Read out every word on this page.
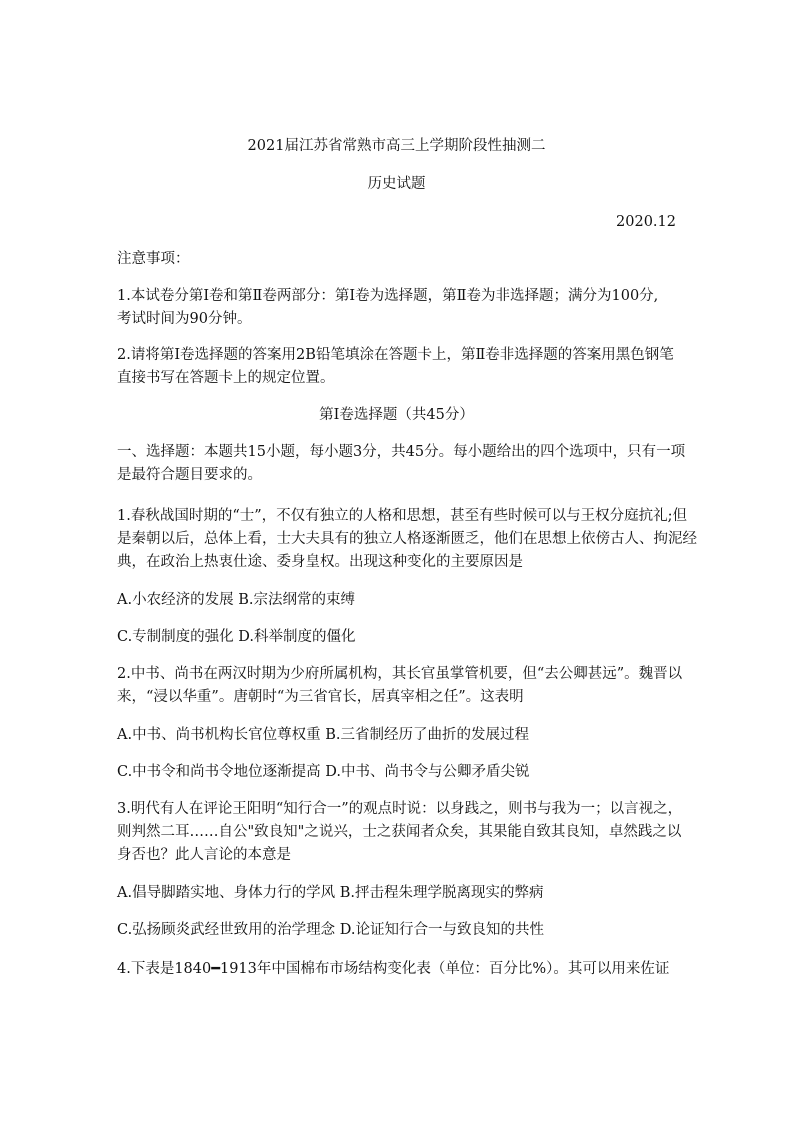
2021届江苏省常熟市高三上学期阶段性抽测二
历史试题
2020.12
注意事项：
1.本试卷分第Ⅰ卷和第Ⅱ卷两部分：第Ⅰ卷为选择题，第Ⅱ卷为非选择题；满分为100分,
考试时间为90分钟。
2.请将第Ⅰ卷选择题的答案用2B铅笔填涂在答题卡上，第Ⅱ卷非选择题的答案用黑色钢笔
直接书写在答题卡上的规定位置。
第Ⅰ卷选择题（共45分）
一、选择题：本题共15小题，每小题3分，共45分。每小题给出的四个选项中，只有一项
是最符合题目要求的。
1.春秋战国时期的“士”，不仅有独立的人格和思想，甚至有些时候可以与王权分庭抗礼;但
是秦朝以后，总体上看，士大夫具有的独立人格逐渐匮乏，他们在思想上依傍古人、拘泥经
典，在政治上热衷仕途、委身皇权。出现这种变化的主要原因是
A.小农经济的发展 B.宗法纲常的束缚
C.专制制度的强化 D.科举制度的僵化
2.中书、尚书在两汉时期为少府所属机构，其长官虽掌管机要，但“去公卿甚远”。魏晋以
来，“浸以华重”。唐朝时“为三省官长，居真宰相之任”。这表明
A.中书、尚书机构长官位尊权重 B.三省制经历了曲折的发展过程
C.中书令和尚书令地位逐渐提高 D.中书、尚书令与公卿矛盾尖锐
3.明代有人在评论王阳明“知行合一”的观点时说：以身践之，则书与我为一；以言视之，
则判然二耳……自公"致良知"之说兴，士之获闻者众矣，其果能自致其良知，卓然践之以
身否也？此人言论的本意是
A.倡导脚踏实地、身体力行的学风 B.抨击程朱理学脱离现实的弊病
C.弘扬顾炎武经世致用的治学理念 D.论证知行合一与致良知的共性
4.下表是1840━1913年中国棉布市场结构变化表（单位：百分比%）。其可以用来佐证
